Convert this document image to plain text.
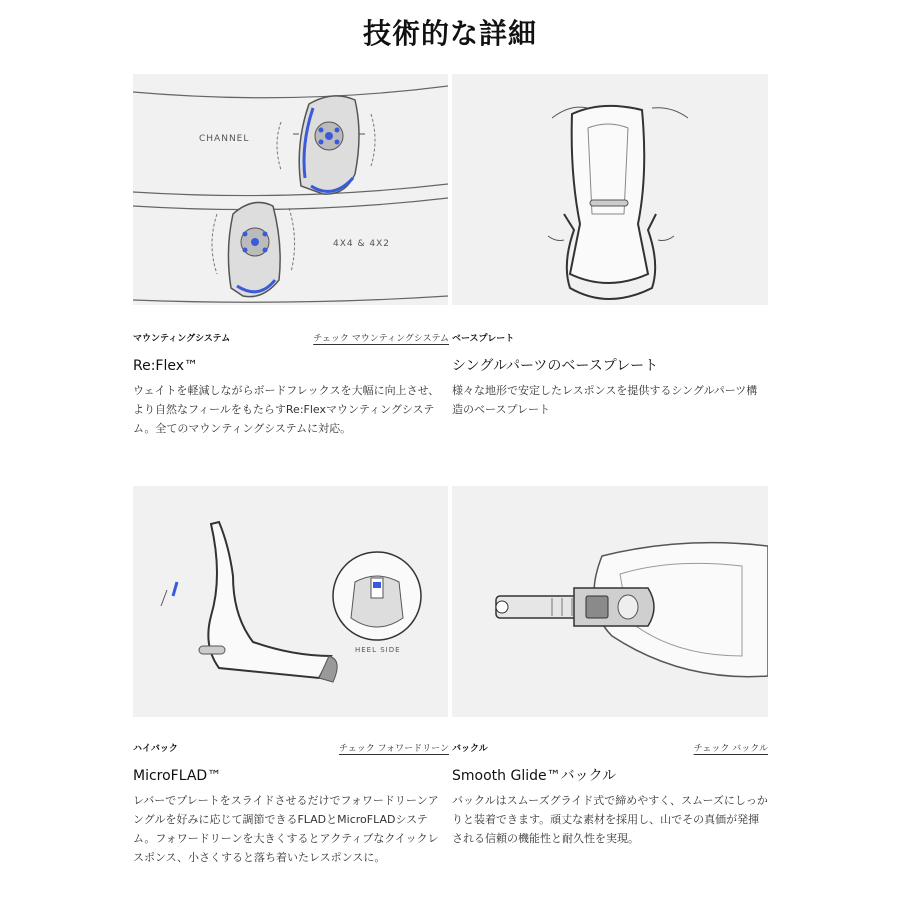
技術的な詳細
CHANNEL
4X4 & 4X2
HEEL SIDE
マウンティングシステム	チェック マウンティングシステム
Re:Flex™
ウェイトを軽減しながらボードフレックスを大幅に向上させ、より自然なフィールをもたらすRe:Flexマウンティングシステム。全てのマウンティングシステムに対応。
ベースプレート
シングルパーツのベースプレート
様々な地形で安定したレスポンスを提供するシングルパーツ構造のベースプレート
ハイバック	チェック フォワードリーン
MicroFLAD™
レバーでプレートをスライドさせるだけでフォワードリーンアングルを好みに応じて調節できるFLADとMicroFLADシステム。フォワードリーンを大きくするとアクティブなクイックレスポンス、小さくすると落ち着いたレスポンスに。
バックル	チェック バックル
Smooth Glide™バックル
バックルはスムーズグライド式で締めやすく、スムーズにしっかりと装着できます。頑丈な素材を採用し、山でその真価が発揮される信頼の機能性と耐久性を実現。
